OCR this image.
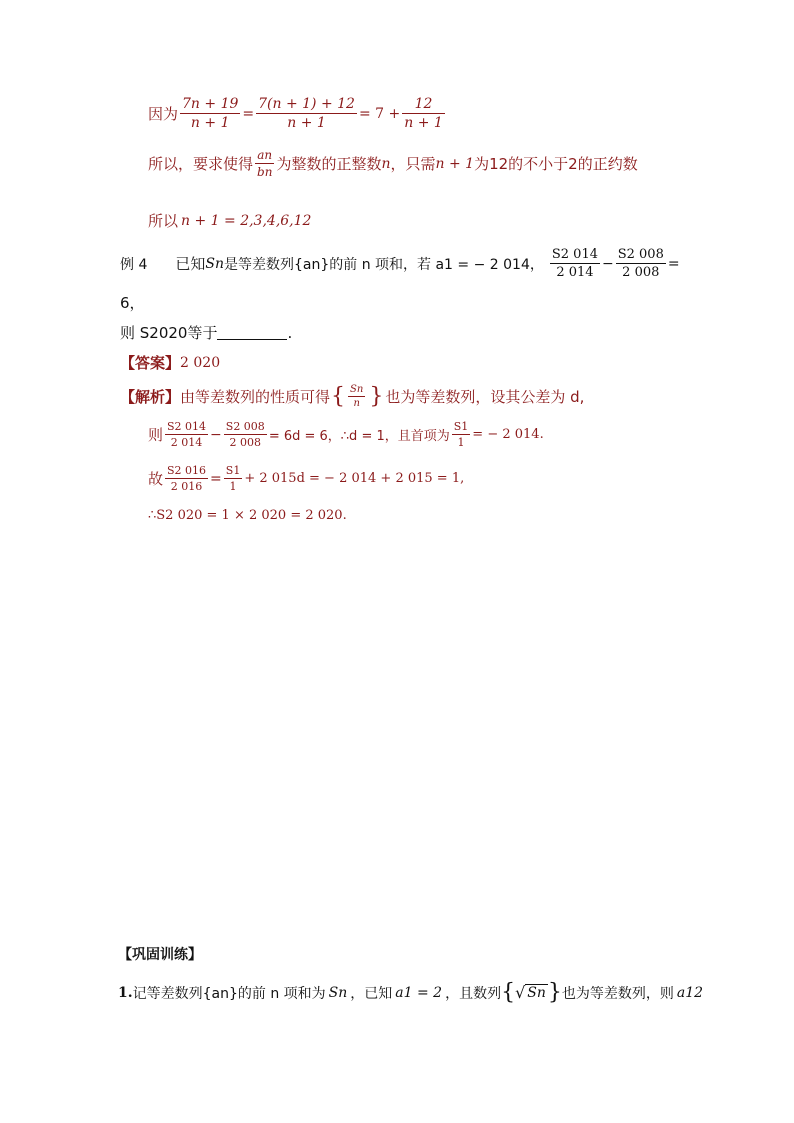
因为 $\frac{7n + 19}{n + 1} = \frac{7(n + 1) + 12}{n + 1} = 7 + \frac{12}{n + 1}$
所以，要求使得 $\frac{an}{bn}$ 为整数的正整数 n ，只需 n + 1 为12的不小于2的正约数
所以 n + 1 = 2,3,4,6,12
例 4 已知 Sn 是等差数列{an}的前 n 项和，若 a1 = − 2 014， $\frac{S2 014}{2 014} - \frac{S2 008}{2 008}$ =
6，
则 S2020等于	.
【答案】 2 020
【解析】 由等差数列的性质可得 { $\frac{Sn}{n}$ } 也为等差数列，设其公差为 d,
则 $\frac{S2 014}{2 014} - \frac{S2 008}{2 008} = 6d = 6$，∴d = 1，且首项为 $\frac{S1}{1}$ = − 2 014.
故 $\frac{S2 016}{2 016} = \frac{S1}{1} + 2$ 015d = − 2 014 + 2 015 = 1,
∴S2 020 = 1 × 2 020 = 2 020.
【巩固训练】
1. 记等差数列{an}的前 n 项和为 Sn ，已知 a1 = 2 ，且数列 { √ Sn } 也为等差数列，则 a12
